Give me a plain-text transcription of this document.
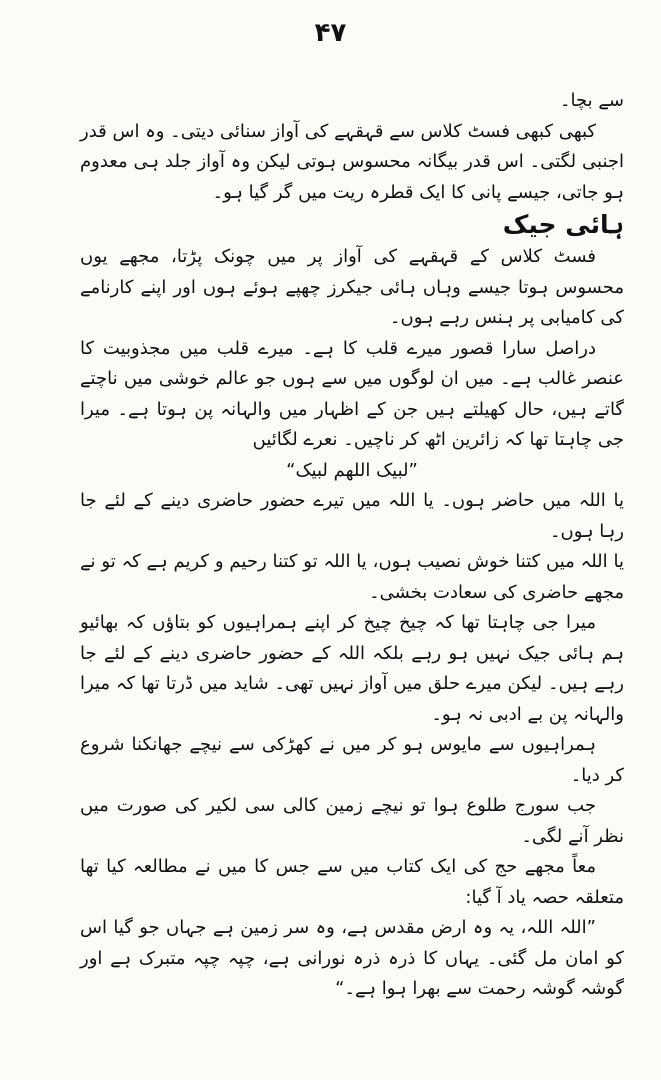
۴۷

سے بچا۔

کبھی کبھی فسٹ کلاس سے قہقہے کی آواز سنائی دیتی۔ وہ اس قدر اجنبی لگتی۔ اس قدر بیگانہ محسوس ہوتی لیکن وہ آواز جلد ہی معدوم ہو جاتی، جیسے پانی کا ایک قطرہ ریت میں گر گیا ہو۔

ہائی جیک

فسٹ کلاس کے قہقہے کی آواز پر میں چونک پڑتا، مجھے یوں محسوس ہوتا جیسے وہاں ہائی جیکرز چھپے ہوئے ہوں اور اپنے کارنامے کی کامیابی پر ہنس رہے ہوں۔

دراصل سارا قصور میرے قلب کا ہے۔ میرے قلب میں مجذوبیت کا عنصر غالب ہے۔ میں ان لوگوں میں سے ہوں جو عالم خوشی میں ناچتے گاتے ہیں، حال کھیلتے ہیں جن کے اظہار میں والہانہ پن ہوتا ہے۔ میرا جی چاہتا تھا کہ زائرین اٹھ کر ناچیں۔ نعرے لگائیں

”لبیک اللھم لبیک“

یا اللہ میں حاضر ہوں۔ یا اللہ میں تیرے حضور حاضری دینے کے لئے جا رہا ہوں۔

یا اللہ میں کتنا خوش نصیب ہوں، یا اللہ تو کتنا رحیم و کریم ہے کہ تو نے مجھے حاضری کی سعادت بخشی۔

میرا جی چاہتا تھا کہ چیخ چیخ کر اپنے ہمراہیوں کو بتاؤں کہ بھائیو ہم ہائی جیک نہیں ہو رہے بلکہ اللہ کے حضور حاضری دینے کے لئے جا رہے ہیں۔ لیکن میرے حلق میں آواز نہیں تھی۔ شاید میں ڈرتا تھا کہ میرا والہانہ پن بے ادبی نہ ہو۔

ہمراہیوں سے مایوس ہو کر میں نے کھڑکی سے نیچے جھانکنا شروع کر دیا۔

جب سورج طلوع ہوا تو نیچے زمین کالی سی لکیر کی صورت میں نظر آنے لگی۔

معاً مجھے حج کی ایک کتاب میں سے جس کا میں نے مطالعہ کیا تھا متعلقہ حصہ یاد آ گیا:

”اللہ اللہ، یہ وہ ارض مقدس ہے، وہ سر زمین ہے جہاں جو گیا اس کو امان مل گئی۔ یہاں کا ذرہ ذرہ نورانی ہے، چپہ چپہ متبرک ہے اور گوشہ گوشہ رحمت سے بھرا ہوا ہے۔“
